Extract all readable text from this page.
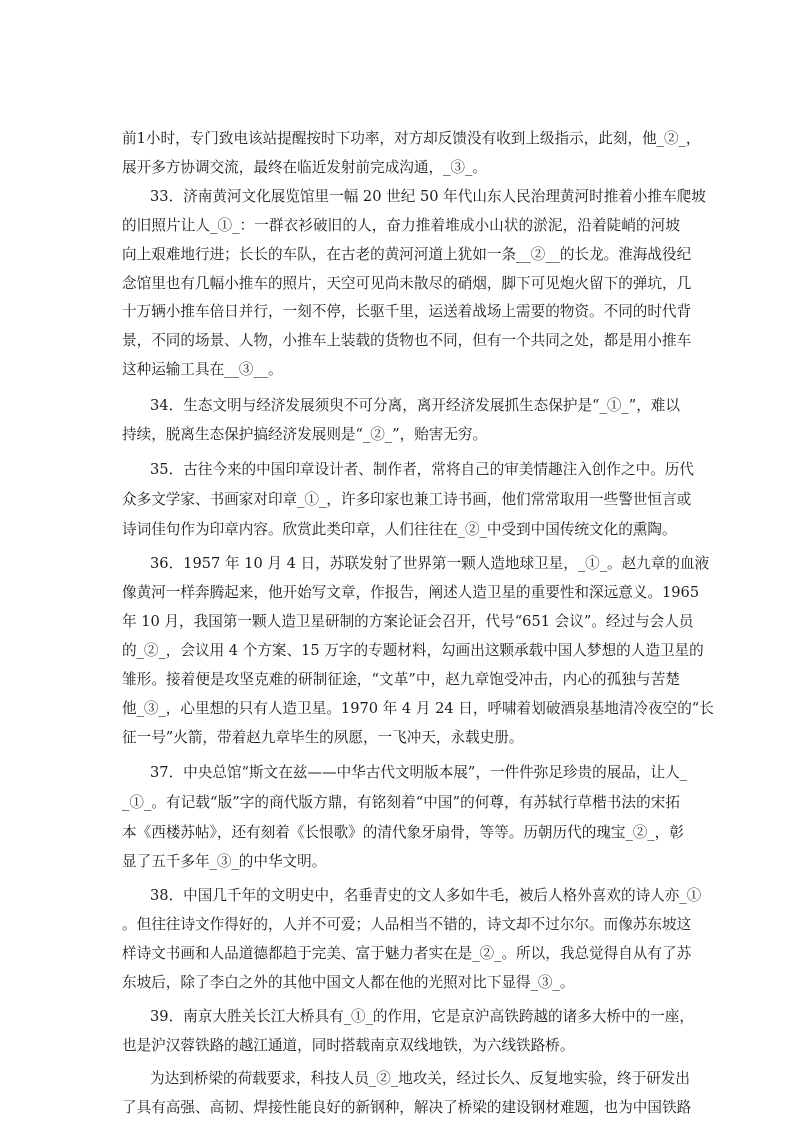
前1小时，专门致电该站提醒按时下功率，对方却反馈没有收到上级指示，此刻，他_②_，
展开多方协调交流，最终在临近发射前完成沟通，_③_。
33．济南黄河文化展览馆里一幅 20 世纪 50 年代山东人民治理黄河时推着小推车爬坡
的旧照片让人_①_：一群衣衫破旧的人，奋力推着堆成小山状的淤泥，沿着陡峭的河坡
向上艰难地行进；长长的车队，在古老的黄河河道上犹如一条__②__的长龙。淮海战役纪
念馆里也有几幅小推车的照片，天空可见尚未散尽的硝烟，脚下可见炮火留下的弹坑，几
十万辆小推车倍日并行，一刻不停，长驱千里，运送着战场上需要的物资。不同的时代背
景，不同的场景、人物，小推车上装载的货物也不同，但有一个共同之处，都是用小推车
这种运输工具在__③__。
34．生态文明与经济发展须臾不可分离，离开经济发展抓生态保护是“_①_”，难以
持续，脱离生态保护搞经济发展则是“_②_”，贻害无穷。
35．古往今来的中国印章设计者、制作者，常将自己的审美情趣注入创作之中。历代
众多文学家、书画家对印章_①_，许多印家也兼工诗书画，他们常常取用一些警世恒言或
诗词佳句作为印章内容。欣赏此类印章，人们往往在_②_中受到中国传统文化的熏陶。
36．1957 年 10 月 4 日，苏联发射了世界第一颗人造地球卫星，_①_。赵九章的血液
像黄河一样奔腾起来，他开始写文章，作报告，阐述人造卫星的重要性和深远意义。1965
年 10 月，我国第一颗人造卫星研制的方案论证会召开，代号“651 会议”。经过与会人员
的_②_，会议用 4 个方案、15 万字的专题材料，勾画出这颗承载中国人梦想的人造卫星的
雏形。接着便是攻坚克难的研制征途，“文革”中，赵九章饱受冲击，内心的孤独与苦楚
他_③_，心里想的只有人造卫星。1970 年 4 月 24 日，呼啸着划破酒泉基地清冷夜空的“长
征一号”火箭，带着赵九章毕生的夙愿，一飞冲天，永载史册。
37．中央总馆“斯文在兹——中华古代文明版本展”，一件件弥足珍贵的展品，让人_
_①_。有记载“版”字的商代版方鼎，有铭刻着“中国”的何尊，有苏轼行草楷书法的宋拓
本《西楼苏帖》，还有刻着《长恨歌》的清代象牙扇骨，等等。历朝历代的瑰宝_②_，彰
显了五千多年_③_的中华文明。
38．中国几千年的文明史中，名垂青史的文人多如牛毛，被后人格外喜欢的诗人亦_①
。但往往诗文作得好的，人并不可爱；人品相当不错的，诗文却不过尔尔。而像苏东坡这
样诗文书画和人品道德都趋于完美、富于魅力者实在是_②_。所以，我总觉得自从有了苏
东坡后，除了李白之外的其他中国文人都在他的光照对比下显得_③_。
39．南京大胜关长江大桥具有_①_的作用，它是京沪高铁跨越的诸多大桥中的一座，
也是沪汉蓉铁路的越江通道，同时搭载南京双线地铁，为六线铁路桥。
为达到桥梁的荷载要求，科技人员_②_地攻关，经过长久、反复地实验，终于研发出
了具有高强、高韧、焊接性能良好的新钢种，解决了桥梁的建设钢材难题，也为中国铁路
